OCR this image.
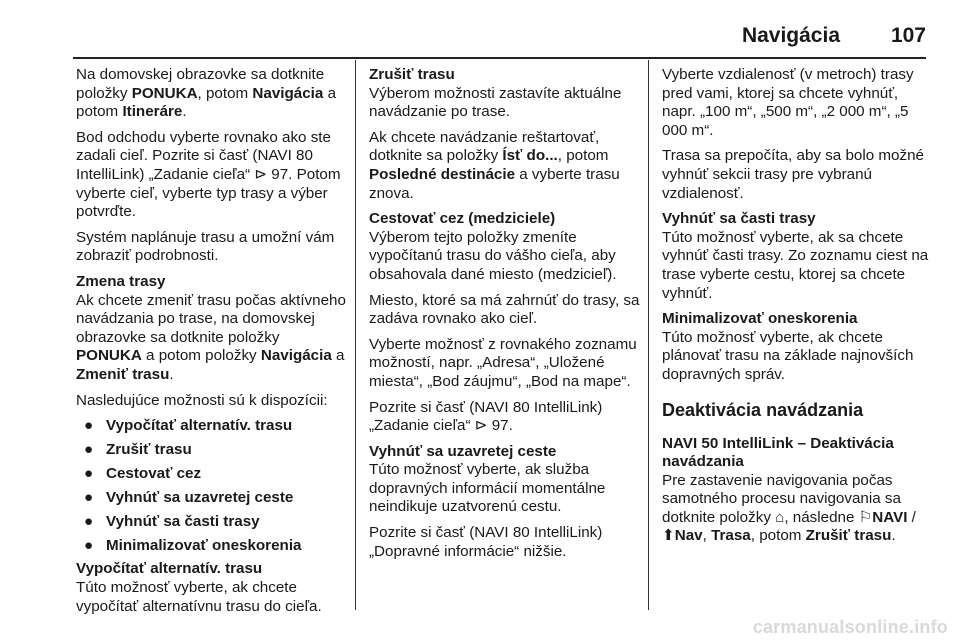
Navigácia 107

Na domovskej obrazovke sa dotknite položky PONUKA, potom Navigácia a potom Itineráre.

Bod odchodu vyberte rovnako ako ste zadali cieľ. Pozrite si časť (NAVI 80 IntelliLink) „Zadanie cieľa“ ⊳ 97. Potom vyberte cieľ, vyberte typ trasy a výber potvrďte.

Systém naplánuje trasu a umožní vám zobraziť podrobnosti.

Zmena trasy
Ak chcete zmeniť trasu počas aktívneho navádzania po trase, na domovskej obrazovke sa dotknite položky PONUKA a potom položky Navigácia a Zmeniť trasu.

Nasledujúce možnosti sú k dispozícii:

● Vypočítať alternatív. trasu
● Zrušiť trasu
● Cestovať cez
● Vyhnúť sa uzavretej ceste
● Vyhnúť sa časti trasy
● Minimalizovať oneskorenia

Vypočítať alternatív. trasu
Túto možnosť vyberte, ak chcete vypočítať alternatívnu trasu do cieľa.

Zrušiť trasu
Výberom možnosti zastavíte aktuálne navádzanie po trase.

Ak chcete navádzanie reštartovať, dotknite sa položky Ísť do..., potom Posledné destinácie a vyberte trasu znova.

Cestovať cez (medziciele)
Výberom tejto položky zmeníte vypočítanú trasu do vášho cieľa, aby obsahovala dané miesto (medzicieľ).

Miesto, ktoré sa má zahrnúť do trasy, sa zadáva rovnako ako cieľ.

Vyberte možnosť z rovnakého zoznamu možností, napr. „Adresa“, „Uložené miesta“, „Bod záujmu“, „Bod na mape“.

Pozrite si časť (NAVI 80 IntelliLink) „Zadanie cieľa“ ⊳ 97.

Vyhnúť sa uzavretej ceste
Túto možnosť vyberte, ak služba dopravných informácií momentálne neindikuje uzatvorenú cestu.

Pozrite si časť (NAVI 80 IntelliLink) „Dopravné informácie“ nižšie.

Vyberte vzdialenosť (v metroch) trasy pred vami, ktorej sa chcete vyhnúť, napr. „100 m“, „500 m“, „2 000 m“, „5 000 m“.

Trasa sa prepočíta, aby sa bolo možné vyhnúť sekcii trasy pre vybranú vzdialenosť.

Vyhnúť sa časti trasy
Túto možnosť vyberte, ak sa chcete vyhnúť časti trasy. Zo zoznamu ciest na trase vyberte cestu, ktorej sa chcete vyhnúť.

Minimalizovať oneskorenia
Túto možnosť vyberte, ak chcete plánovať trasu na základe najnovších dopravných správ.

Deaktivácia navádzania

NAVI 50 IntelliLink – Deaktivácia navádzania
Pre zastavenie navigovania počas samotného procesu navigovania sa dotknite položky ⌂, následne ⚐NAVI / ⬆Nav, Trasa, potom Zrušiť trasu.

carmanualsonline.info
